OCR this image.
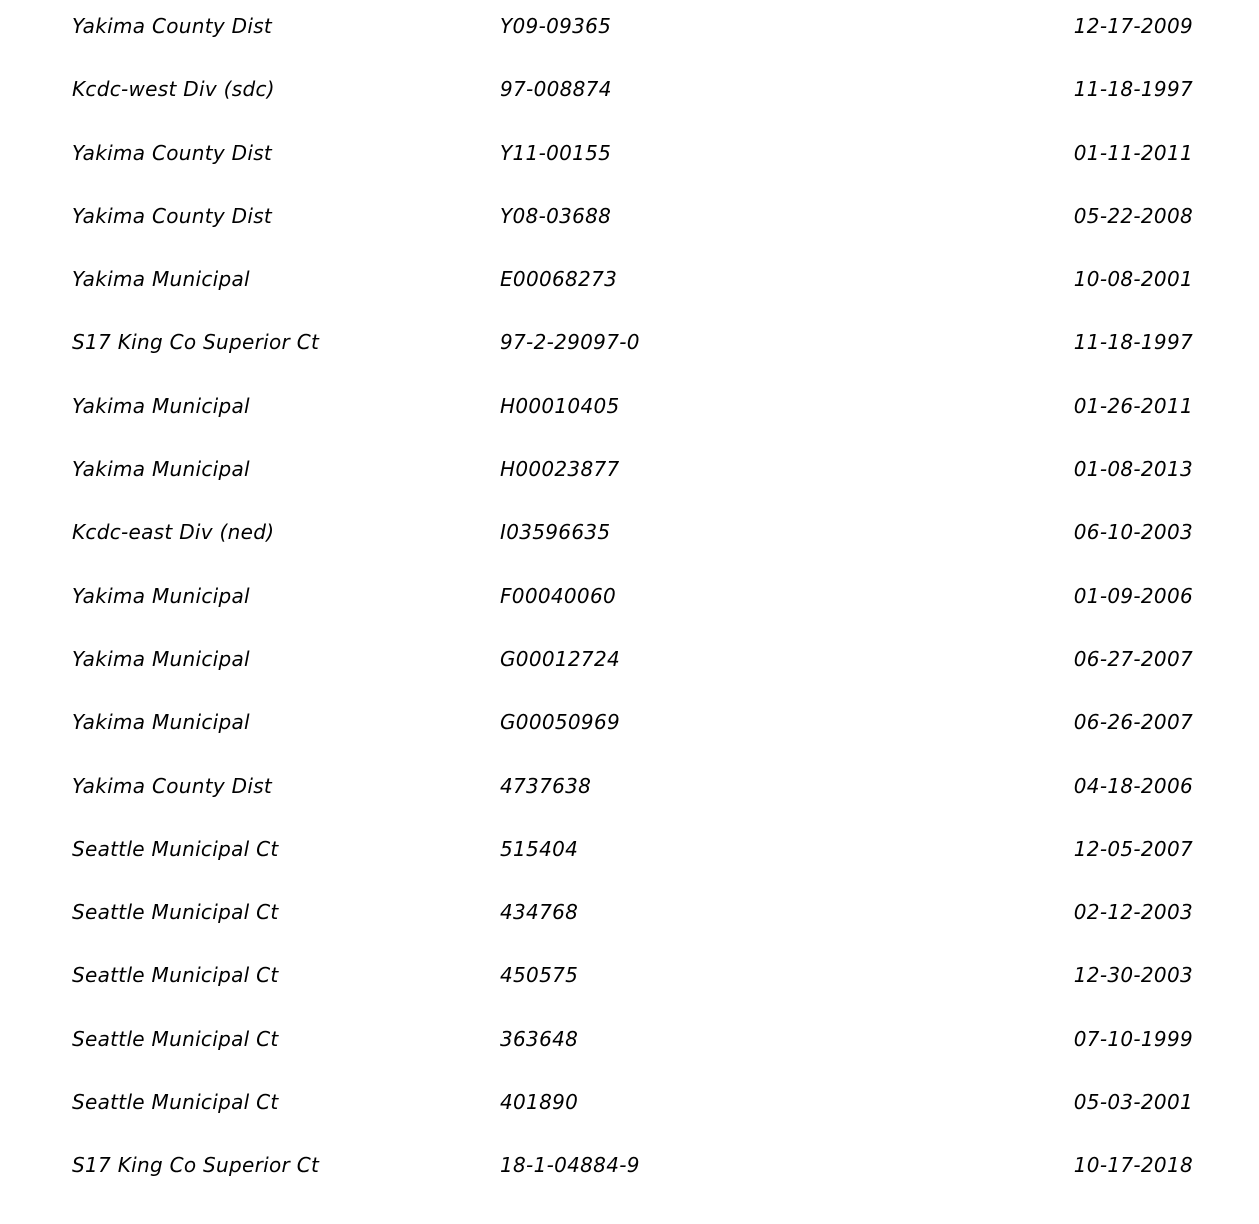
Yakima County Dist	Y09-09365	12-17-2009
Kcdc-west Div (sdc)	97-008874	11-18-1997
Yakima County Dist	Y11-00155	01-11-2011
Yakima County Dist	Y08-03688	05-22-2008
Yakima Municipal	E00068273	10-08-2001
S17 King Co Superior Ct	97-2-29097-0	11-18-1997
Yakima Municipal	H00010405	01-26-2011
Yakima Municipal	H00023877	01-08-2013
Kcdc-east Div (ned)	I03596635	06-10-2003
Yakima Municipal	F00040060	01-09-2006
Yakima Municipal	G00012724	06-27-2007
Yakima Municipal	G00050969	06-26-2007
Yakima County Dist	4737638	04-18-2006
Seattle Municipal Ct	515404	12-05-2007
Seattle Municipal Ct	434768	02-12-2003
Seattle Municipal Ct	450575	12-30-2003
Seattle Municipal Ct	363648	07-10-1999
Seattle Municipal Ct	401890	05-03-2001
S17 King Co Superior Ct	18-1-04884-9	10-17-2018
